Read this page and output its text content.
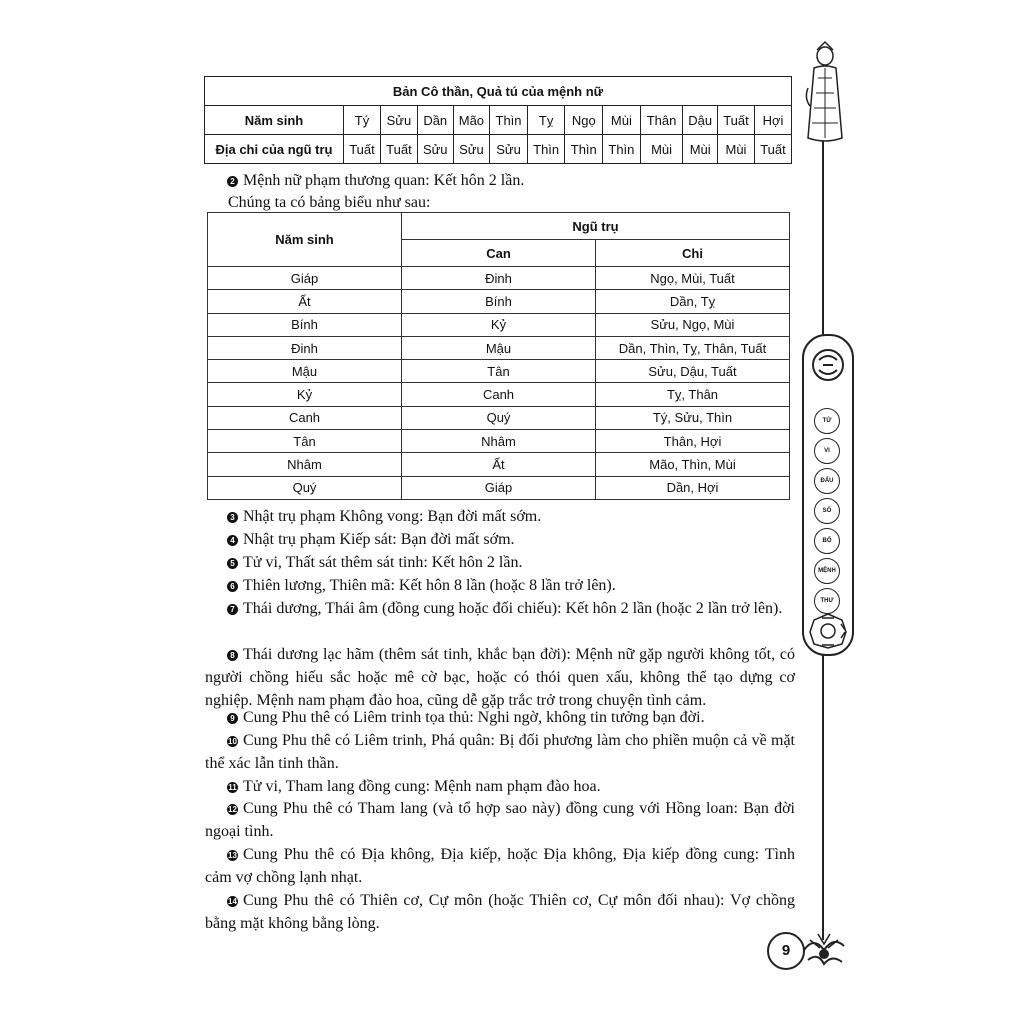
Bản Cô thần, Quả tú của mệnh nữ												
Năm sinh	Tý	Sửu	Dần	Mão	Thìn	Tỵ	Ngọ	Mùi	Thân	Dậu	Tuất	Hợi
Địa chi của ngũ trụ	Tuất	Tuất	Sửu	Sửu	Sửu	Thìn	Thìn	Thìn	Mùi	Mùi	Mùi	Tuất
2 Mệnh nữ phạm thương quan: Kết hôn 2 lần.
Chúng ta có bảng biểu như sau:
Năm sinh	Ngũ trụ	
	Can	Chi
Giáp	Đinh	Ngọ, Mùi, Tuất
Ất	Bính	Dần, Tỵ
Bính	Kỷ	Sửu, Ngọ, Mùi
Đinh	Mậu	Dần, Thìn, Tỵ, Thân, Tuất
Mậu	Tân	Sửu, Dậu, Tuất
Kỷ	Canh	Tỵ, Thân
Canh	Quý	Tý, Sửu, Thìn
Tân	Nhâm	Thân, Hợi
Nhâm	Ất	Mão, Thìn, Mùi
Quý	Giáp	Dần, Hợi
3 Nhật trụ phạm Không vong: Bạn đời mất sớm.
4 Nhật trụ phạm Kiếp sát: Bạn đời mất sớm.
5 Tử vi, Thất sát thêm sát tinh: Kết hôn 2 lần.
6 Thiên lương, Thiên mã: Kết hôn 8 lần (hoặc 8 lần trở lên).
7 Thái dương, Thái âm (đồng cung hoặc đối chiếu): Kết hôn 2 lần (hoặc 2 lần trở lên).
8 Thái dương lạc hãm (thêm sát tinh, khắc bạn đời): Mệnh nữ gặp người không tốt, có người chồng hiếu sắc hoặc mê cờ bạc, hoặc có thói quen xấu, không thể tạo dựng cơ nghiệp. Mệnh nam phạm đào hoa, cũng dễ gặp trắc trở trong chuyện tình cảm.
9 Cung Phu thê có Liêm trinh tọa thủ: Nghi ngờ, không tin tưởng bạn đời.
10 Cung Phu thê có Liêm trinh, Phá quân: Bị đối phương làm cho phiền muộn cả về mặt thể xác lẫn tinh thần.
11 Tử vi, Tham lang đồng cung: Mệnh nam phạm đào hoa.
12 Cung Phu thê có Tham lang (và tổ hợp sao này) đồng cung với Hồng loan: Bạn đời ngoại tình.
13 Cung Phu thê có Địa không, Địa kiếp, hoặc Địa không, Địa kiếp đồng cung: Tình cảm vợ chồng lạnh nhạt.
14 Cung Phu thê có Thiên cơ, Cự môn (hoặc Thiên cơ, Cự môn đối nhau): Vợ chồng bằng mặt không bằng lòng.
TỬ
VI
ĐẨU
SỐ
BỔ
MỆNH
THƯ
9
